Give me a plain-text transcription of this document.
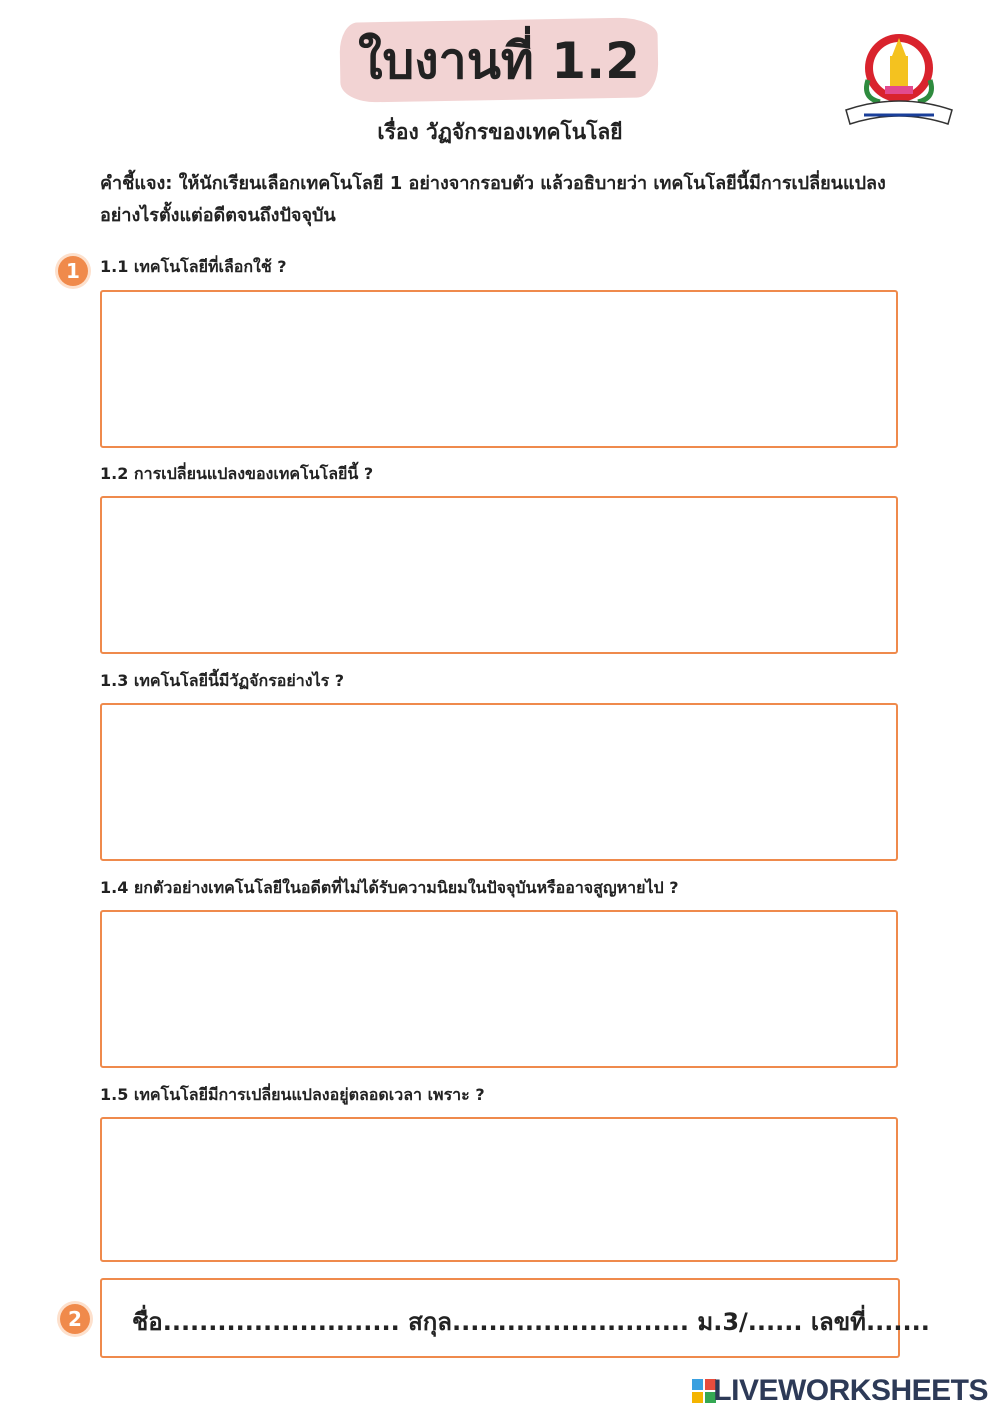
ใบงานที่ 1.2
เรื่อง วัฏจักรของเทคโนโลยี
คำชี้แจง: ให้นักเรียนเลือกเทคโนโลยี 1 อย่างจากรอบตัว แล้วอธิบายว่า เทคโนโลยีนี้มีการเปลี่ยนแปลงอย่างไรตั้งแต่อดีตจนถึงปัจจุบัน
1	1.1 เทคโนโลยีที่เลือกใช้ ?
1.2 การเปลี่ยนแปลงของเทคโนโลยีนี้ ?
1.3 เทคโนโลยีนี้มีวัฏจักรอย่างไร ?
1.4 ยกตัวอย่างเทคโนโลยีในอดีตที่ไม่ได้รับความนิยมในปัจจุบันหรืออาจสูญหายไป ?
1.5 เทคโนโลยีมีการเปลี่ยนแปลงอยู่ตลอดเวลา เพราะ ?
2	ชื่อ.......................... สกุล.......................... ม.3/...... เลขที่.......
LIVEWORKSHEETS
